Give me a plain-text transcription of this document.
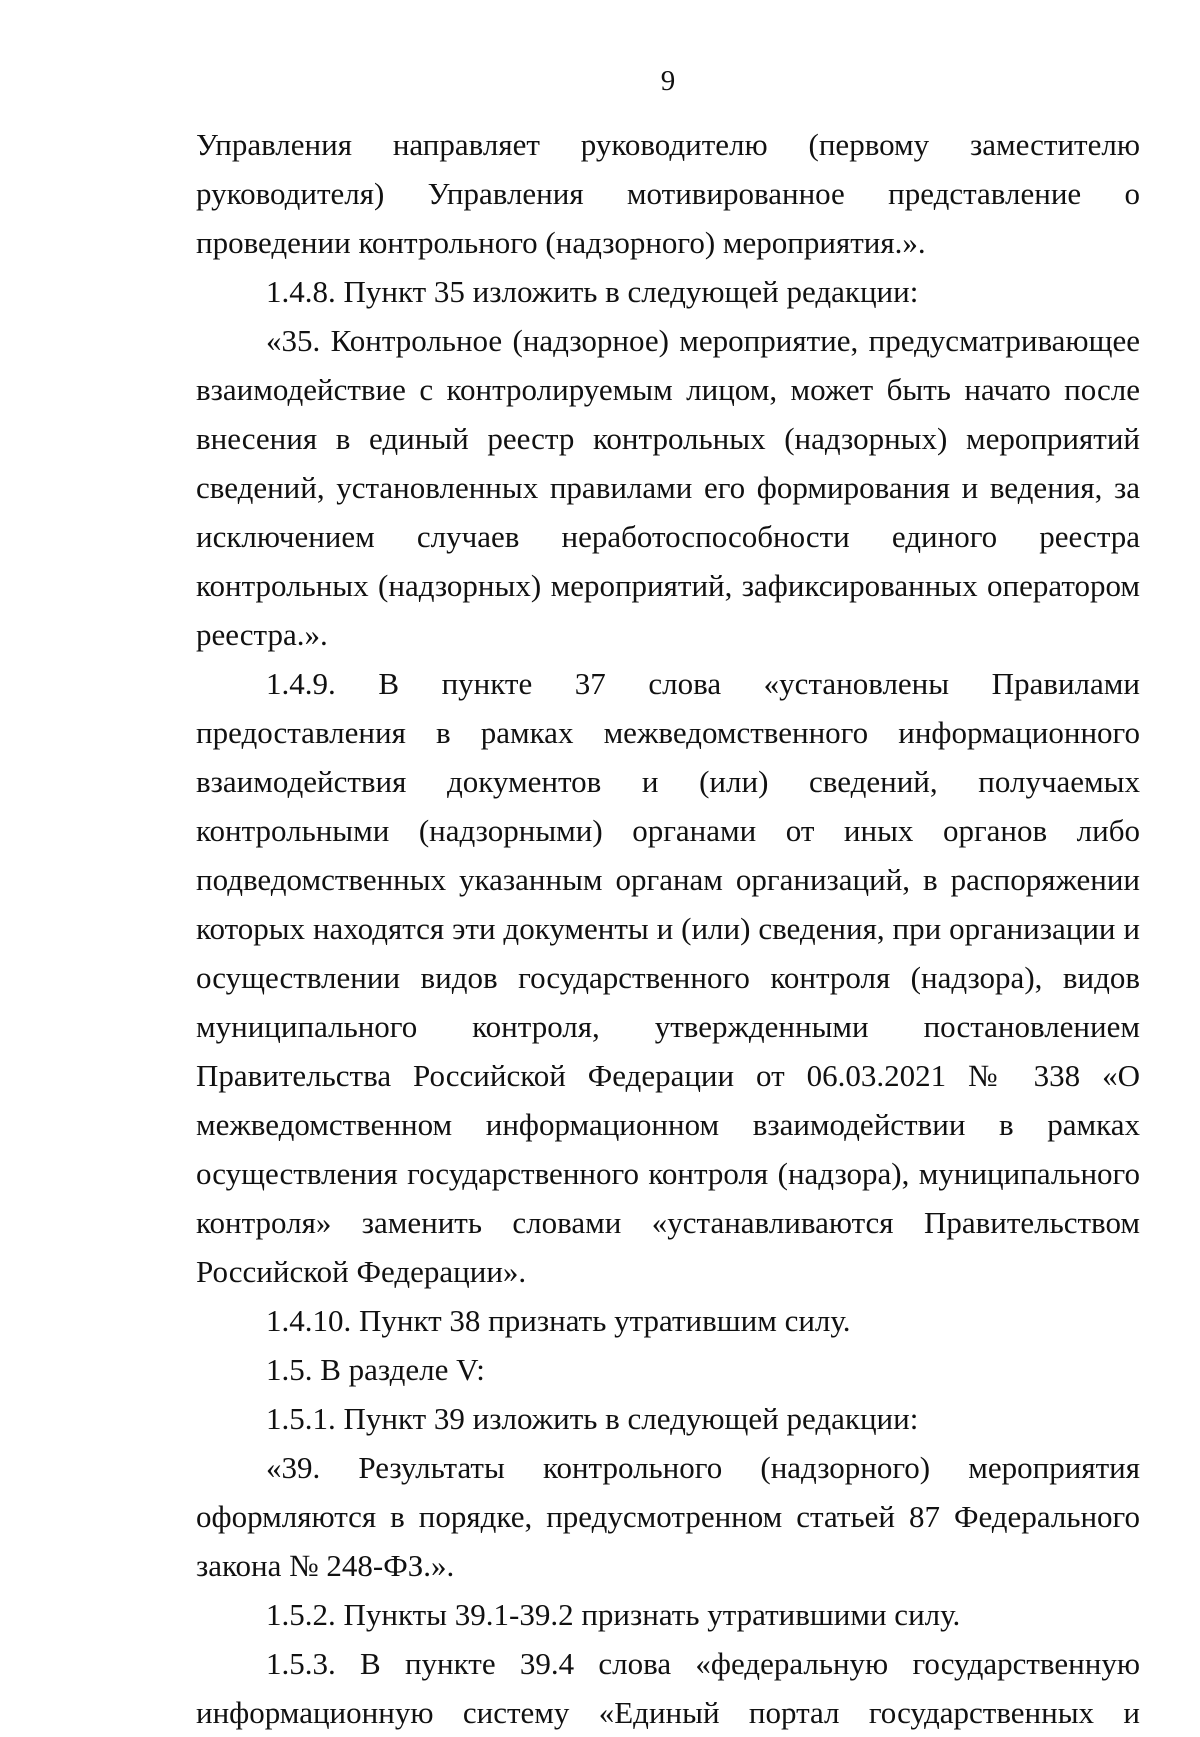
9

Управления направляет руководителю (первому заместителю руководителя) Управления мотивированное представление о проведении контрольного (надзорного) мероприятия.».

1.4.8. Пункт 35 изложить в следующей редакции:

«35. Контрольное (надзорное) мероприятие, предусматривающее взаимодействие с контролируемым лицом, может быть начато после внесения в единый реестр контрольных (надзорных) мероприятий сведений, установленных правилами его формирования и ведения, за исключением случаев неработоспособности единого реестра контрольных (надзорных) мероприятий, зафиксированных оператором реестра.».

1.4.9. В пункте 37 слова «установлены Правилами предоставления в рамках межведомственного информационного взаимодействия документов и (или) сведений, получаемых контрольными (надзорными) органами от иных органов либо подведомственных указанным органам организаций, в распоряжении которых находятся эти документы и (или) сведения, при организации и осуществлении видов государственного контроля (надзора), видов муниципального контроля, утвержденными постановлением Правительства Российской Федерации от 06.03.2021 № 338 «О межведомственном информационном взаимодействии в рамках осуществления государственного контроля (надзора), муниципального контроля» заменить словами «устанавливаются Правительством Российской Федерации».

1.4.10. Пункт 38 признать утратившим силу.

1.5. В разделе V:

1.5.1. Пункт 39 изложить в следующей редакции:

«39. Результаты контрольного (надзорного) мероприятия оформляются в порядке, предусмотренном статьей 87 Федерального закона № 248-ФЗ.».

1.5.2. Пункты 39.1-39.2 признать утратившими силу.

1.5.3. В пункте 39.4 слова «федеральную государственную информационную систему «Единый портал государственных и
